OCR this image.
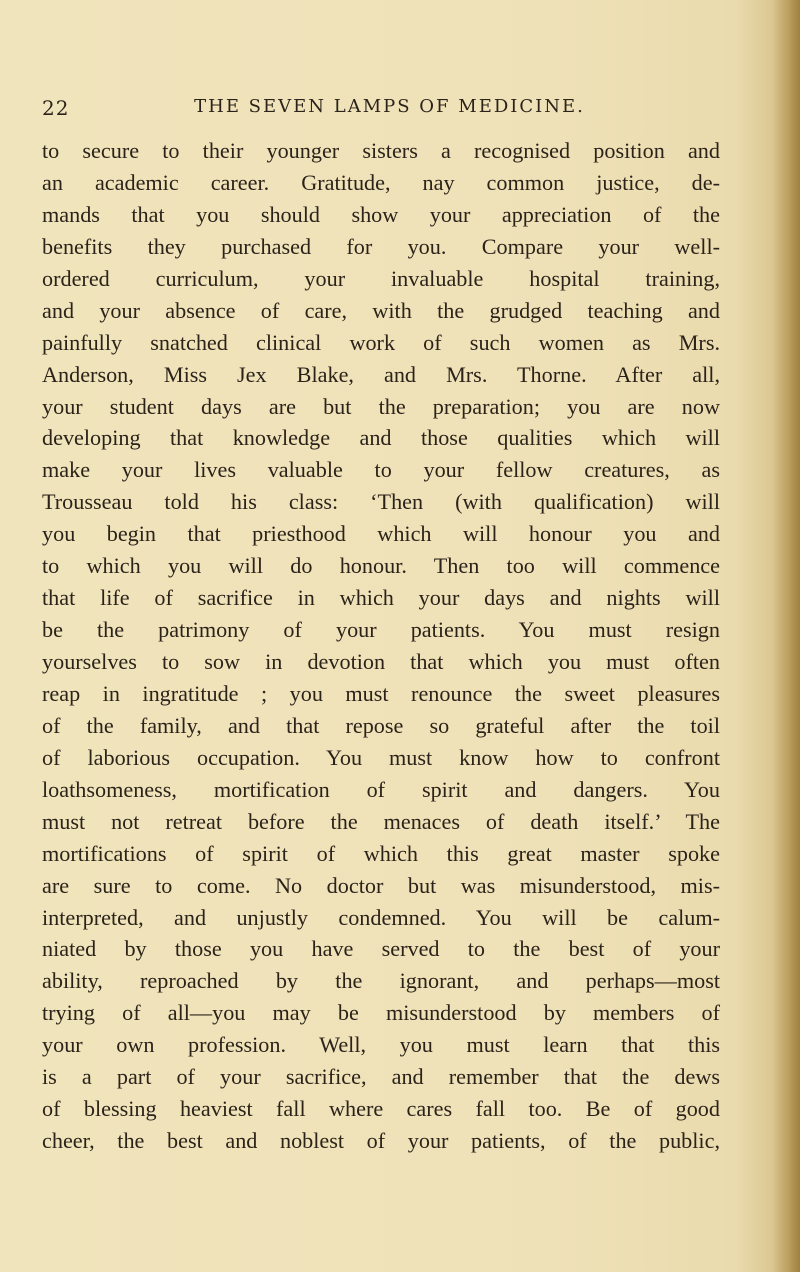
22	THE SEVEN LAMPS OF MEDICINE.
to secure to their younger sisters a recognised position and
an academic career. Gratitude, nay common justice, de-
mands that you should show your appreciation of the
benefits they purchased for you. Compare your well-
ordered curriculum, your invaluable hospital training,
and your absence of care, with the grudged teaching and
painfully snatched clinical work of such women as Mrs.
Anderson, Miss Jex Blake, and Mrs. Thorne. After all,
your student days are but the preparation; you are now
developing that knowledge and those qualities which will
make your lives valuable to your fellow creatures, as
Trousseau told his class: ‘Then (with qualification) will
you begin that priesthood which will honour you and
to which you will do honour. Then too will commence
that life of sacrifice in which your days and nights will
be the patrimony of your patients. You must resign
yourselves to sow in devotion that which you must often
reap in ingratitude ; you must renounce the sweet pleasures
of the family, and that repose so grateful after the toil
of laborious occupation. You must know how to confront
loathsomeness, mortification of spirit and dangers. You
must not retreat before the menaces of death itself.’ The
mortifications of spirit of which this great master spoke
are sure to come. No doctor but was misunderstood, mis-
interpreted, and unjustly condemned. You will be calum-
niated by those you have served to the best of your
ability, reproached by the ignorant, and perhaps—most
trying of all—you may be misunderstood by members of
your own profession. Well, you must learn that this
is a part of your sacrifice, and remember that the dews
of blessing heaviest fall where cares fall too. Be of good
cheer, the best and noblest of your patients, of the public,
